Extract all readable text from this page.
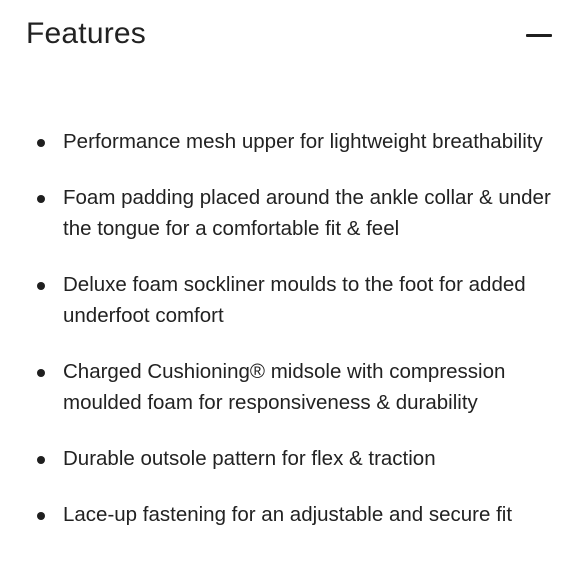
Features
Performance mesh upper for lightweight breathability
Foam padding placed around the ankle collar & under the tongue for a comfortable fit & feel
Deluxe foam sockliner moulds to the foot for added underfoot comfort
Charged Cushioning® midsole with compression moulded foam for responsiveness & durability
Durable outsole pattern for flex & traction
Lace-up fastening for an adjustable and secure fit
